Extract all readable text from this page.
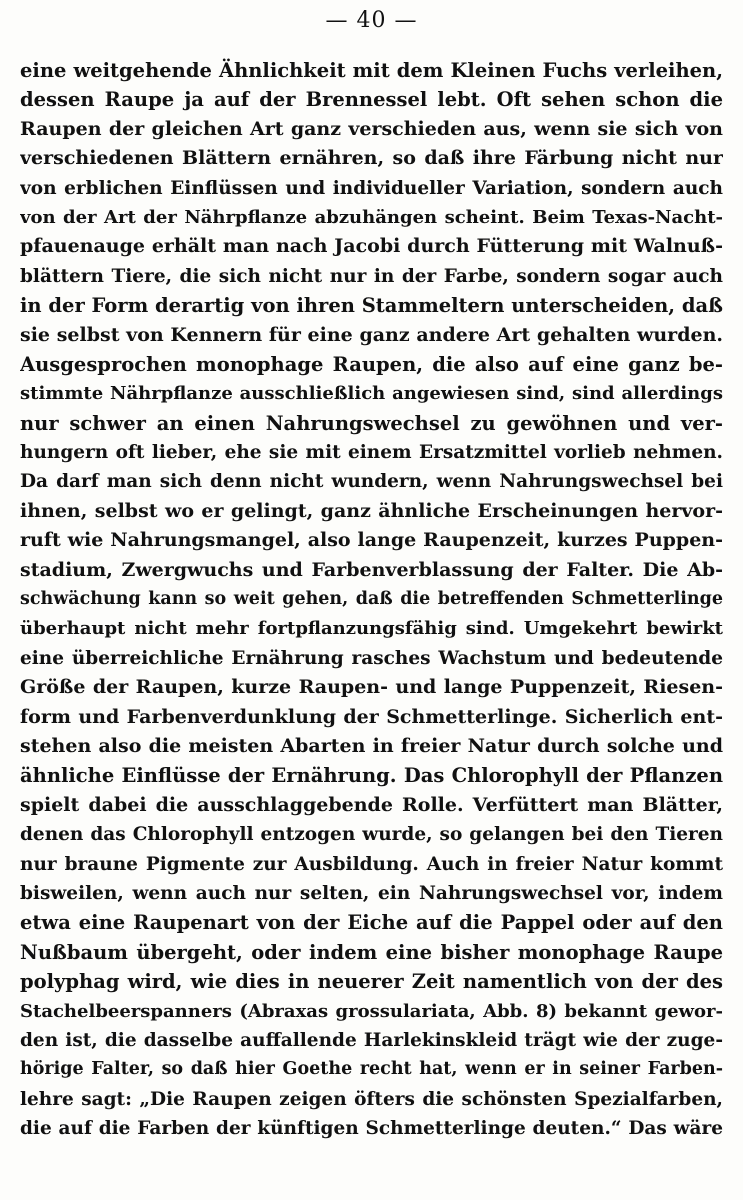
— 40 —
eine weitgehende Ähnlichkeit mit dem Kleinen Fuchs verleihen,
dessen Raupe ja auf der Brennessel lebt. Oft sehen schon die
Raupen der gleichen Art ganz verschieden aus, wenn sie sich von
verschiedenen Blättern ernähren, so daß ihre Färbung nicht nur
von erblichen Einflüssen und individueller Variation, sondern auch
von der Art der Nährpflanze abzuhängen scheint. Beim Texas-Nacht-
pfauenauge erhält man nach Jacobi durch Fütterung mit Walnuß-
blättern Tiere, die sich nicht nur in der Farbe, sondern sogar auch
in der Form derartig von ihren Stammeltern unterscheiden, daß
sie selbst von Kennern für eine ganz andere Art gehalten wurden.
Ausgesprochen monophage Raupen, die also auf eine ganz be-
stimmte Nährpflanze ausschließlich angewiesen sind, sind allerdings
nur schwer an einen Nahrungswechsel zu gewöhnen und ver-
hungern oft lieber, ehe sie mit einem Ersatzmittel vorlieb nehmen.
Da darf man sich denn nicht wundern, wenn Nahrungswechsel bei
ihnen, selbst wo er gelingt, ganz ähnliche Erscheinungen hervor-
ruft wie Nahrungsmangel, also lange Raupenzeit, kurzes Puppen-
stadium, Zwergwuchs und Farbenverblassung der Falter. Die Ab-
schwächung kann so weit gehen, daß die betreffenden Schmetterlinge
überhaupt nicht mehr fortpflanzungsfähig sind. Umgekehrt bewirkt
eine überreichliche Ernährung rasches Wachstum und bedeutende
Größe der Raupen, kurze Raupen- und lange Puppenzeit, Riesen-
form und Farbenverdunklung der Schmetterlinge. Sicherlich ent-
stehen also die meisten Abarten in freier Natur durch solche und
ähnliche Einflüsse der Ernährung. Das Chlorophyll der Pflanzen
spielt dabei die ausschlaggebende Rolle. Verfüttert man Blätter,
denen das Chlorophyll entzogen wurde, so gelangen bei den Tieren
nur braune Pigmente zur Ausbildung. Auch in freier Natur kommt
bisweilen, wenn auch nur selten, ein Nahrungswechsel vor, indem
etwa eine Raupenart von der Eiche auf die Pappel oder auf den
Nußbaum übergeht, oder indem eine bisher monophage Raupe
polyphag wird, wie dies in neuerer Zeit namentlich von der des
Stachelbeerspanners (Abraxas grossulariata, Abb. 8) bekannt gewor-
den ist, die dasselbe auffallende Harlekinskleid trägt wie der zuge-
hörige Falter, so daß hier Goethe recht hat, wenn er in seiner Farben-
lehre sagt: „Die Raupen zeigen öfters die schönsten Spezialfarben,
die auf die Farben der künftigen Schmetterlinge deuten.“ Das wäre
